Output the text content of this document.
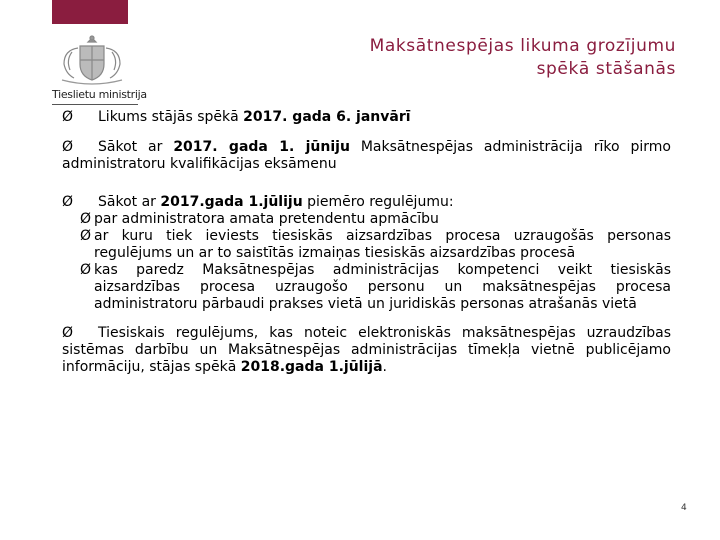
Tieslietu ministrija
Maksātnespējas likuma grozījumu
spēkā stāšanās
Ø Likums stājās spēkā 2017. gada 6. janvārī
Ø Sākot ar 2017. gada 1. jūniju Maksātnespējas administrācija rīko pirmo administratoru kvalifikācijas eksāmenu
Ø Sākot ar 2017.gada 1.jūliju piemēro regulējumu:
Ø par administratora amata pretendentu apmācību
Ø ar kuru tiek ieviests tiesiskās aizsardzības procesa uzraugošās personas regulējums un ar to saistītās izmaiņas tiesiskās aizsardzības procesā
Ø kas paredz Maksātnespējas administrācijas kompetenci veikt tiesiskās aizsardzības procesa uzraugošo personu un maksātnespējas procesa administratoru pārbaudi prakses vietā un juridiskās personas atrašanās vietā
Ø Tiesiskais regulējums, kas noteic elektroniskās maksātnespējas uzraudzības sistēmas darbību un Maksātnespējas administrācijas tīmekļa vietnē publicējamo informāciju, stājas spēkā 2018.gada 1.jūlijā.
4
